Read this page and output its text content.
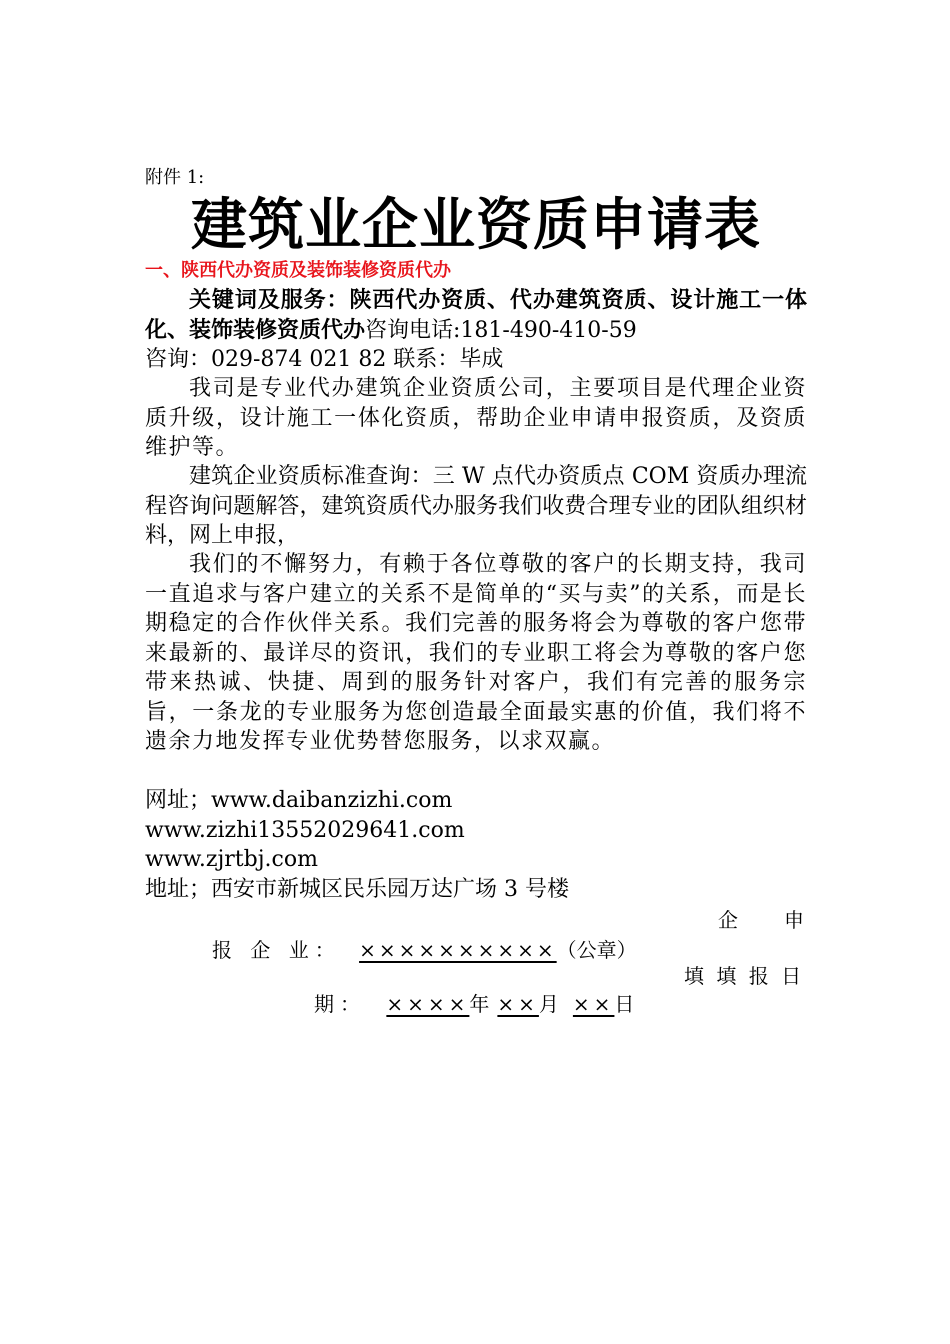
附件 1:

建筑业企业资质申请表

一、陕西代办资质及装饰装修资质代办

关键词及服务：陕西代办资质、代办建筑资质、设计施工一体化、装饰装修资质代办咨询电话:181-490-410-59
咨询：029-874 021 82 联系：毕成

我司是专业代办建筑企业资质公司，主要项目是代理企业资质升级，设计施工一体化资质，帮助企业申请申报资质，及资质维护等。

建筑企业资质标准查询：三 W 点代办资质点 COM 资质办理流程咨询问题解答，建筑资质代办服务我们收费合理专业的团队组织材料，网上申报，

我们的不懈努力，有赖于各位尊敬的客户的长期支持，我司一直追求与客户建立的关系不是简单的“买与卖”的关系，而是长期稳定的合作伙伴关系。我们完善的服务将会为尊敬的客户您带来最新的、最详尽的资讯，我们的专业职工将会为尊敬的客户您带来热诚、快捷、周到的服务针对客户，我们有完善的服务宗旨，一条龙的专业服务为您创造最全面最实惠的价值，我们将不遗余力地发挥专业优势替您服务，以求双赢。

网址；www.daibanzizhi.com
www.zizhi13552029641.com
www.zjrtbj.com
地址；西安市新城区民乐园万达广场 3 号楼
企　　申
报 企 业： ××××××××××（公章）
填 填 报 日
期： ××××年 ××月 ××日
